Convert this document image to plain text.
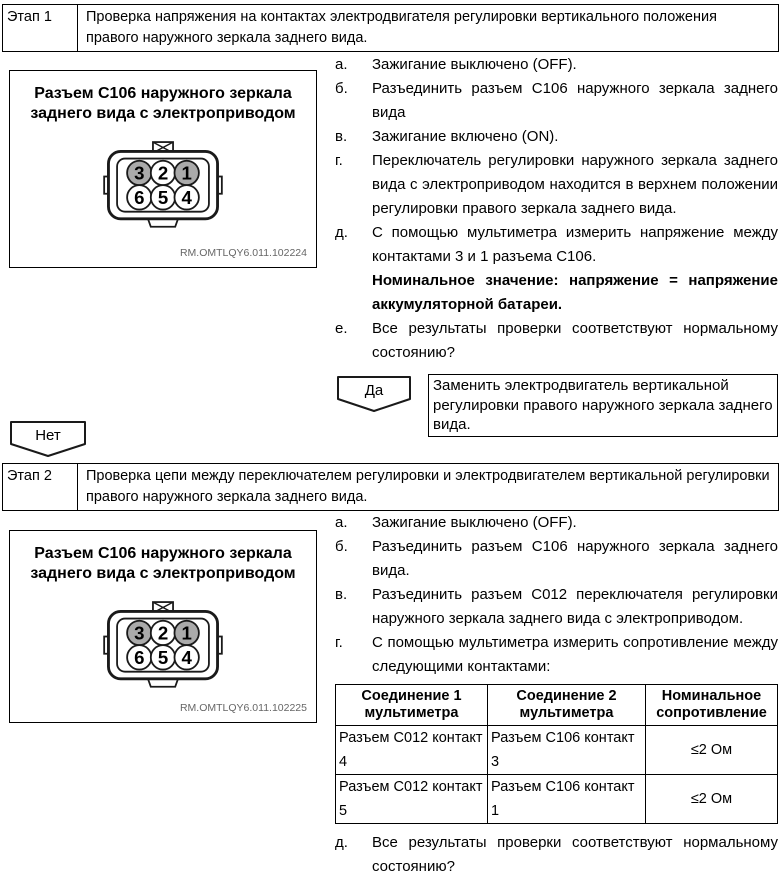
Этап 1	Проверка напряжения на контактах электродвигателя регулировки вертикального положения правого наружного зеркала заднего вида.
Разъем C106 наружного зеркала заднего вида с электроприводом
3 2 1
6 5 4
RM.OMTLQY6.011.102224
а.	Зажигание выключено (OFF).
б.	Разъединить разъем C106 наружного зеркала заднего вида
в.	Зажигание включено (ON).
г.	Переключатель регулировки наружного зеркала заднего вида с электроприводом находится в верхнем положении регулировки правого зеркала заднего вида.
д.	С помощью мультиметра измерить напряжение между контактами 3 и 1 разъема C106.
Номинальное значение: напряжение = напряжение аккумуляторной батареи.
е.	Все результаты проверки соответствуют нормальному состоянию?
Да	Заменить электродвигатель вертикальной регулировки правого наружного зеркала заднего вида.
Нет
Этап 2	Проверка цепи между переключателем регулировки и электродвигателем вертикальной регулировки правого наружного зеркала заднего вида.
Разъем C106 наружного зеркала заднего вида с электроприводом
3 2 1
6 5 4
RM.OMTLQY6.011.102225
а.	Зажигание выключено (OFF).
б.	Разъединить разъем C106 наружного зеркала заднего вида.
в.	Разъединить разъем C012 переключателя регулировки наружного зеркала заднего вида с электроприводом.
г.	С помощью мультиметра измерить сопротивление между следующими контактами:
Соединение 1 мультиметра	Соединение 2 мультиметра	Номинальное сопротивление
Разъем C012 контакт 4	Разъем C106 контакт 3	≤2 Ом
Разъем C012 контакт 5	Разъем C106 контакт 1	≤2 Ом
д.	Все результаты проверки соответствуют нормальному состоянию?
